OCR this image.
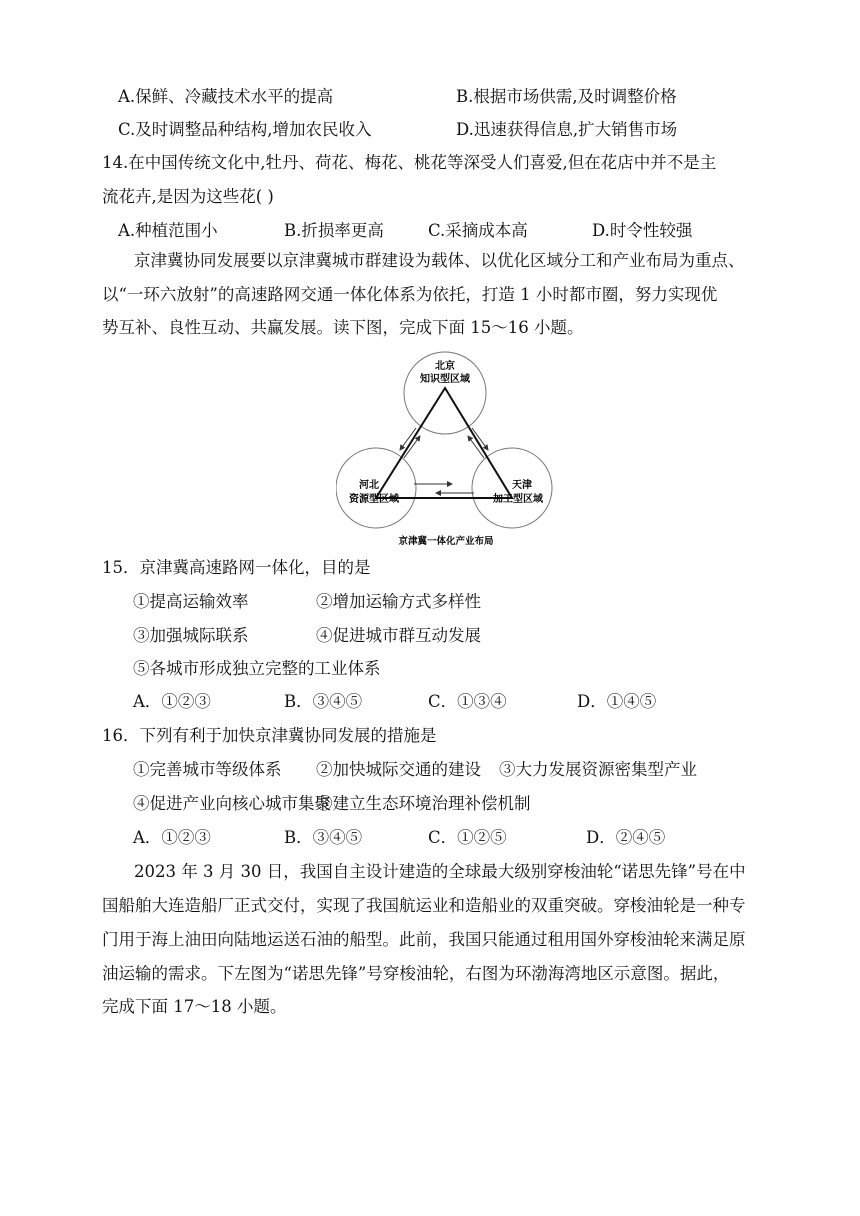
A.保鲜、冷藏技术水平的提高	B.根据市场供需,及时调整价格
C.及时调整品种结构,增加农民收入	D.迅速获得信息,扩大销售市场
14.在中国传统文化中,牡丹、荷花、梅花、桃花等深受人们喜爱,但在花店中并不是主
流花卉,是因为这些花( )
A.种植范围小	B.折损率更高	C.采摘成本高	D.时令性较强
京津冀协同发展要以京津冀城市群建设为载体、以优化区域分工和产业布局为重点、
以“一环六放射”的高速路网交通一体化体系为依托，打造 1 小时都市圈，努力实现优
势互补、良性互动、共赢发展。读下图，完成下面 15～16 小题。
北京
知识型区域
河北
资源型区域
天津
加工型区域
京津冀一体化产业布局
15．京津冀高速路网一体化，目的是
①提高运输效率	②增加运输方式多样性
③加强城际联系	④促进城市群互动发展
⑤各城市形成独立完整的工业体系
A．①②③	B．③④⑤	C．①③④	D．①④⑤
16．下列有利于加快京津冀协同发展的措施是
①完善城市等级体系 ②加快城际交通的建设 ③大力发展资源密集型产业
④促进产业向核心城市集聚
⑤建立生态环境治理补偿机制
A．①②③	B．③④⑤	C．①②⑤	D．②④⑤
2023 年 3 月 30 日，我国自主设计建造的全球最大级别穿梭油轮“诺思先锋”号在中
国船舶大连造船厂正式交付，实现了我国航运业和造船业的双重突破。穿梭油轮是一种专
门用于海上油田向陆地运送石油的船型。此前，我国只能通过租用国外穿梭油轮来满足原
油运输的需求。下左图为“诺思先锋”号穿梭油轮，右图为环渤海湾地区示意图。据此，
完成下面 17～18 小题。
